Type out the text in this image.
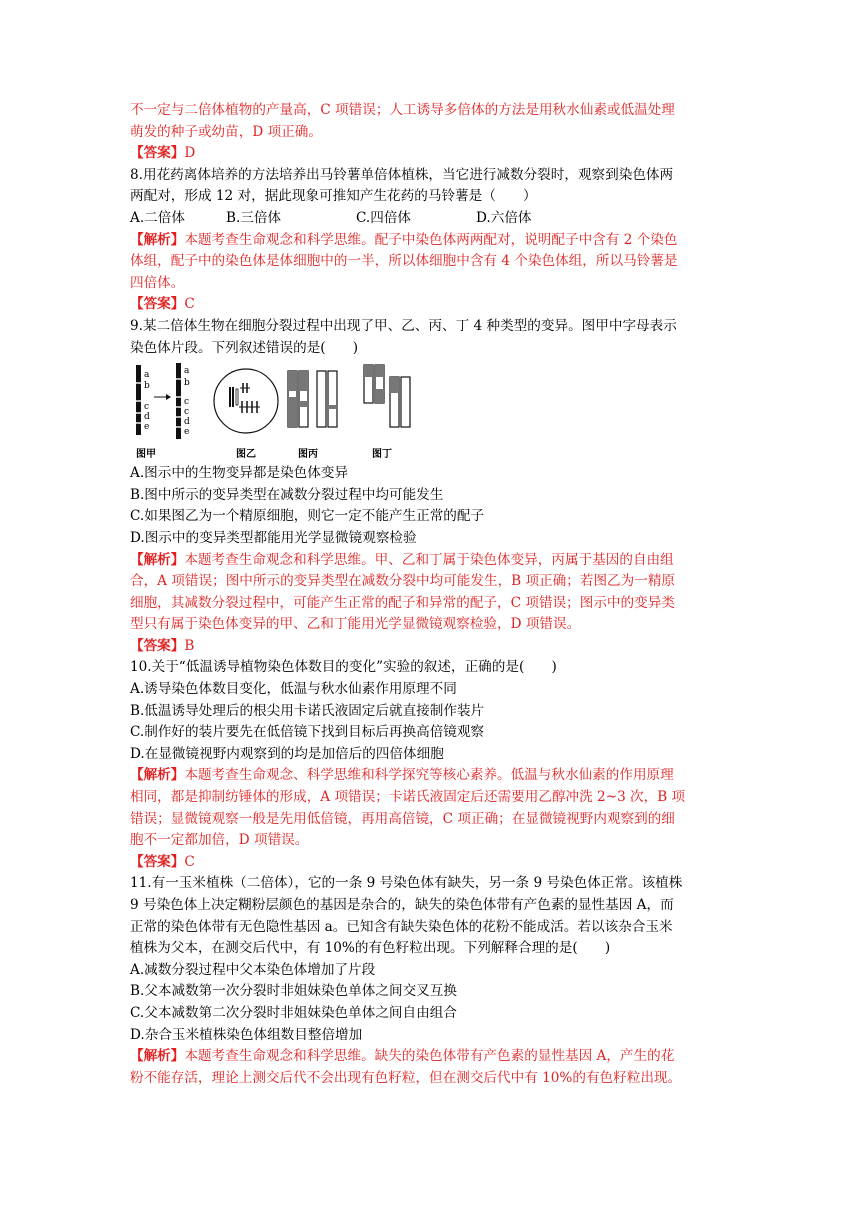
不一定与二倍体植物的产量高，C 项错误；人工诱导多倍体的方法是用秋水仙素或低温处理
萌发的种子或幼苗，D 项正确。
【答案】D
8.用花药离体培养的方法培养出马铃薯单倍体植株，当它进行减数分裂时，观察到染色体两
两配对，形成 12 对，据此现象可推知产生花药的马铃薯是（　　）
A.二倍体	B.三倍体	C.四倍体	D.六倍体
【解析】本题考查生命观念和科学思维。配子中染色体两两配对，说明配子中含有 2 个染色
体组，配子中的染色体是体细胞中的一半，所以体细胞中含有 4 个染色体组，所以马铃薯是
四倍体。
【答案】C
9.某二倍体生物在细胞分裂过程中出现了甲、乙、丙、丁 4 种类型的变异。图甲中字母表示
染色体片段。下列叙述错误的是(　　)
a
b
c
d
e
a
b
c
c
d
e
图甲	图乙	图丙	图丁
A.图示中的生物变异都是染色体变异
B.图中所示的变异类型在减数分裂过程中均可能发生
C.如果图乙为一个精原细胞，则它一定不能产生正常的配子
D.图示中的变异类型都能用光学显微镜观察检验
【解析】本题考查生命观念和科学思维。甲、乙和丁属于染色体变异，丙属于基因的自由组
合，A 项错误；图中所示的变异类型在减数分裂中均可能发生，B 项正确；若图乙为一精原
细胞，其减数分裂过程中，可能产生正常的配子和异常的配子，C 项错误；图示中的变异类
型只有属于染色体变异的甲、乙和丁能用光学显微镜观察检验，D 项错误。
【答案】B
10.关于“低温诱导植物染色体数目的变化”实验的叙述，正确的是(　　)
A.诱导染色体数目变化，低温与秋水仙素作用原理不同
B.低温诱导处理后的根尖用卡诺氏液固定后就直接制作装片
C.制作好的装片要先在低倍镜下找到目标后再换高倍镜观察
D.在显微镜视野内观察到的均是加倍后的四倍体细胞
【解析】本题考查生命观念、科学思维和科学探究等核心素养。低温与秋水仙素的作用原理
相同，都是抑制纺锤体的形成，A 项错误；卡诺氏液固定后还需要用乙醇冲洗 2~3 次，B 项
错误；显微镜观察一般是先用低倍镜，再用高倍镜，C 项正确；在显微镜视野内观察到的细
胞不一定都加倍，D 项错误。
【答案】C
11.有一玉米植株（二倍体），它的一条 9 号染色体有缺失，另一条 9 号染色体正常。该植株
9 号染色体上决定糊粉层颜色的基因是杂合的，缺失的染色体带有产色素的显性基因 A，而
正常的染色体带有无色隐性基因 a。已知含有缺失染色体的花粉不能成活。若以该杂合玉米
植株为父本，在测交后代中，有 10%的有色籽粒出现。下列解释合理的是(　　)
A.减数分裂过程中父本染色体增加了片段
B.父本减数第一次分裂时非姐妹染色单体之间交叉互换
C.父本减数第二次分裂时非姐妹染色单体之间自由组合
D.杂合玉米植株染色体组数目整倍增加
【解析】本题考查生命观念和科学思维。缺失的染色体带有产色素的显性基因 A，产生的花
粉不能存活，理论上测交后代不会出现有色籽粒，但在测交后代中有 10%的有色籽粒出现。
